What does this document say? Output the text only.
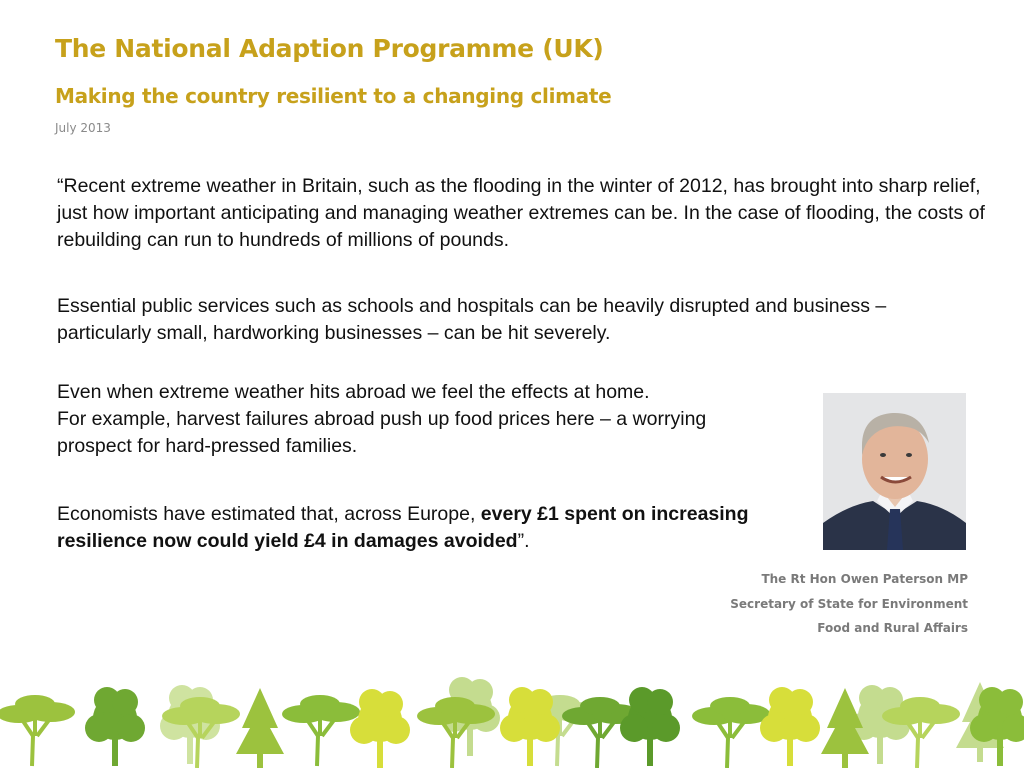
The National Adaption Programme (UK)
Making the country resilient to a changing climate
July 2013

“Recent extreme weather in Britain, such as the flooding in the winter of 2012, has brought into sharp relief, just how important anticipating and managing weather extremes can be. In the case of flooding, the costs of rebuilding can run to hundreds of millions of pounds.

Essential public services such as schools and hospitals can be heavily disrupted and business – particularly small, hardworking businesses – can be hit severely.

Even when extreme weather hits abroad we feel the effects at home.
For example, harvest failures abroad push up food prices here – a worrying prospect for hard-pressed families.

Economists have estimated that, across Europe, every £1 spent on increasing resilience now could yield £4 in damages avoided”.

The Rt Hon Owen Paterson MP
Secretary of State for Environment
Food and Rural Affairs
